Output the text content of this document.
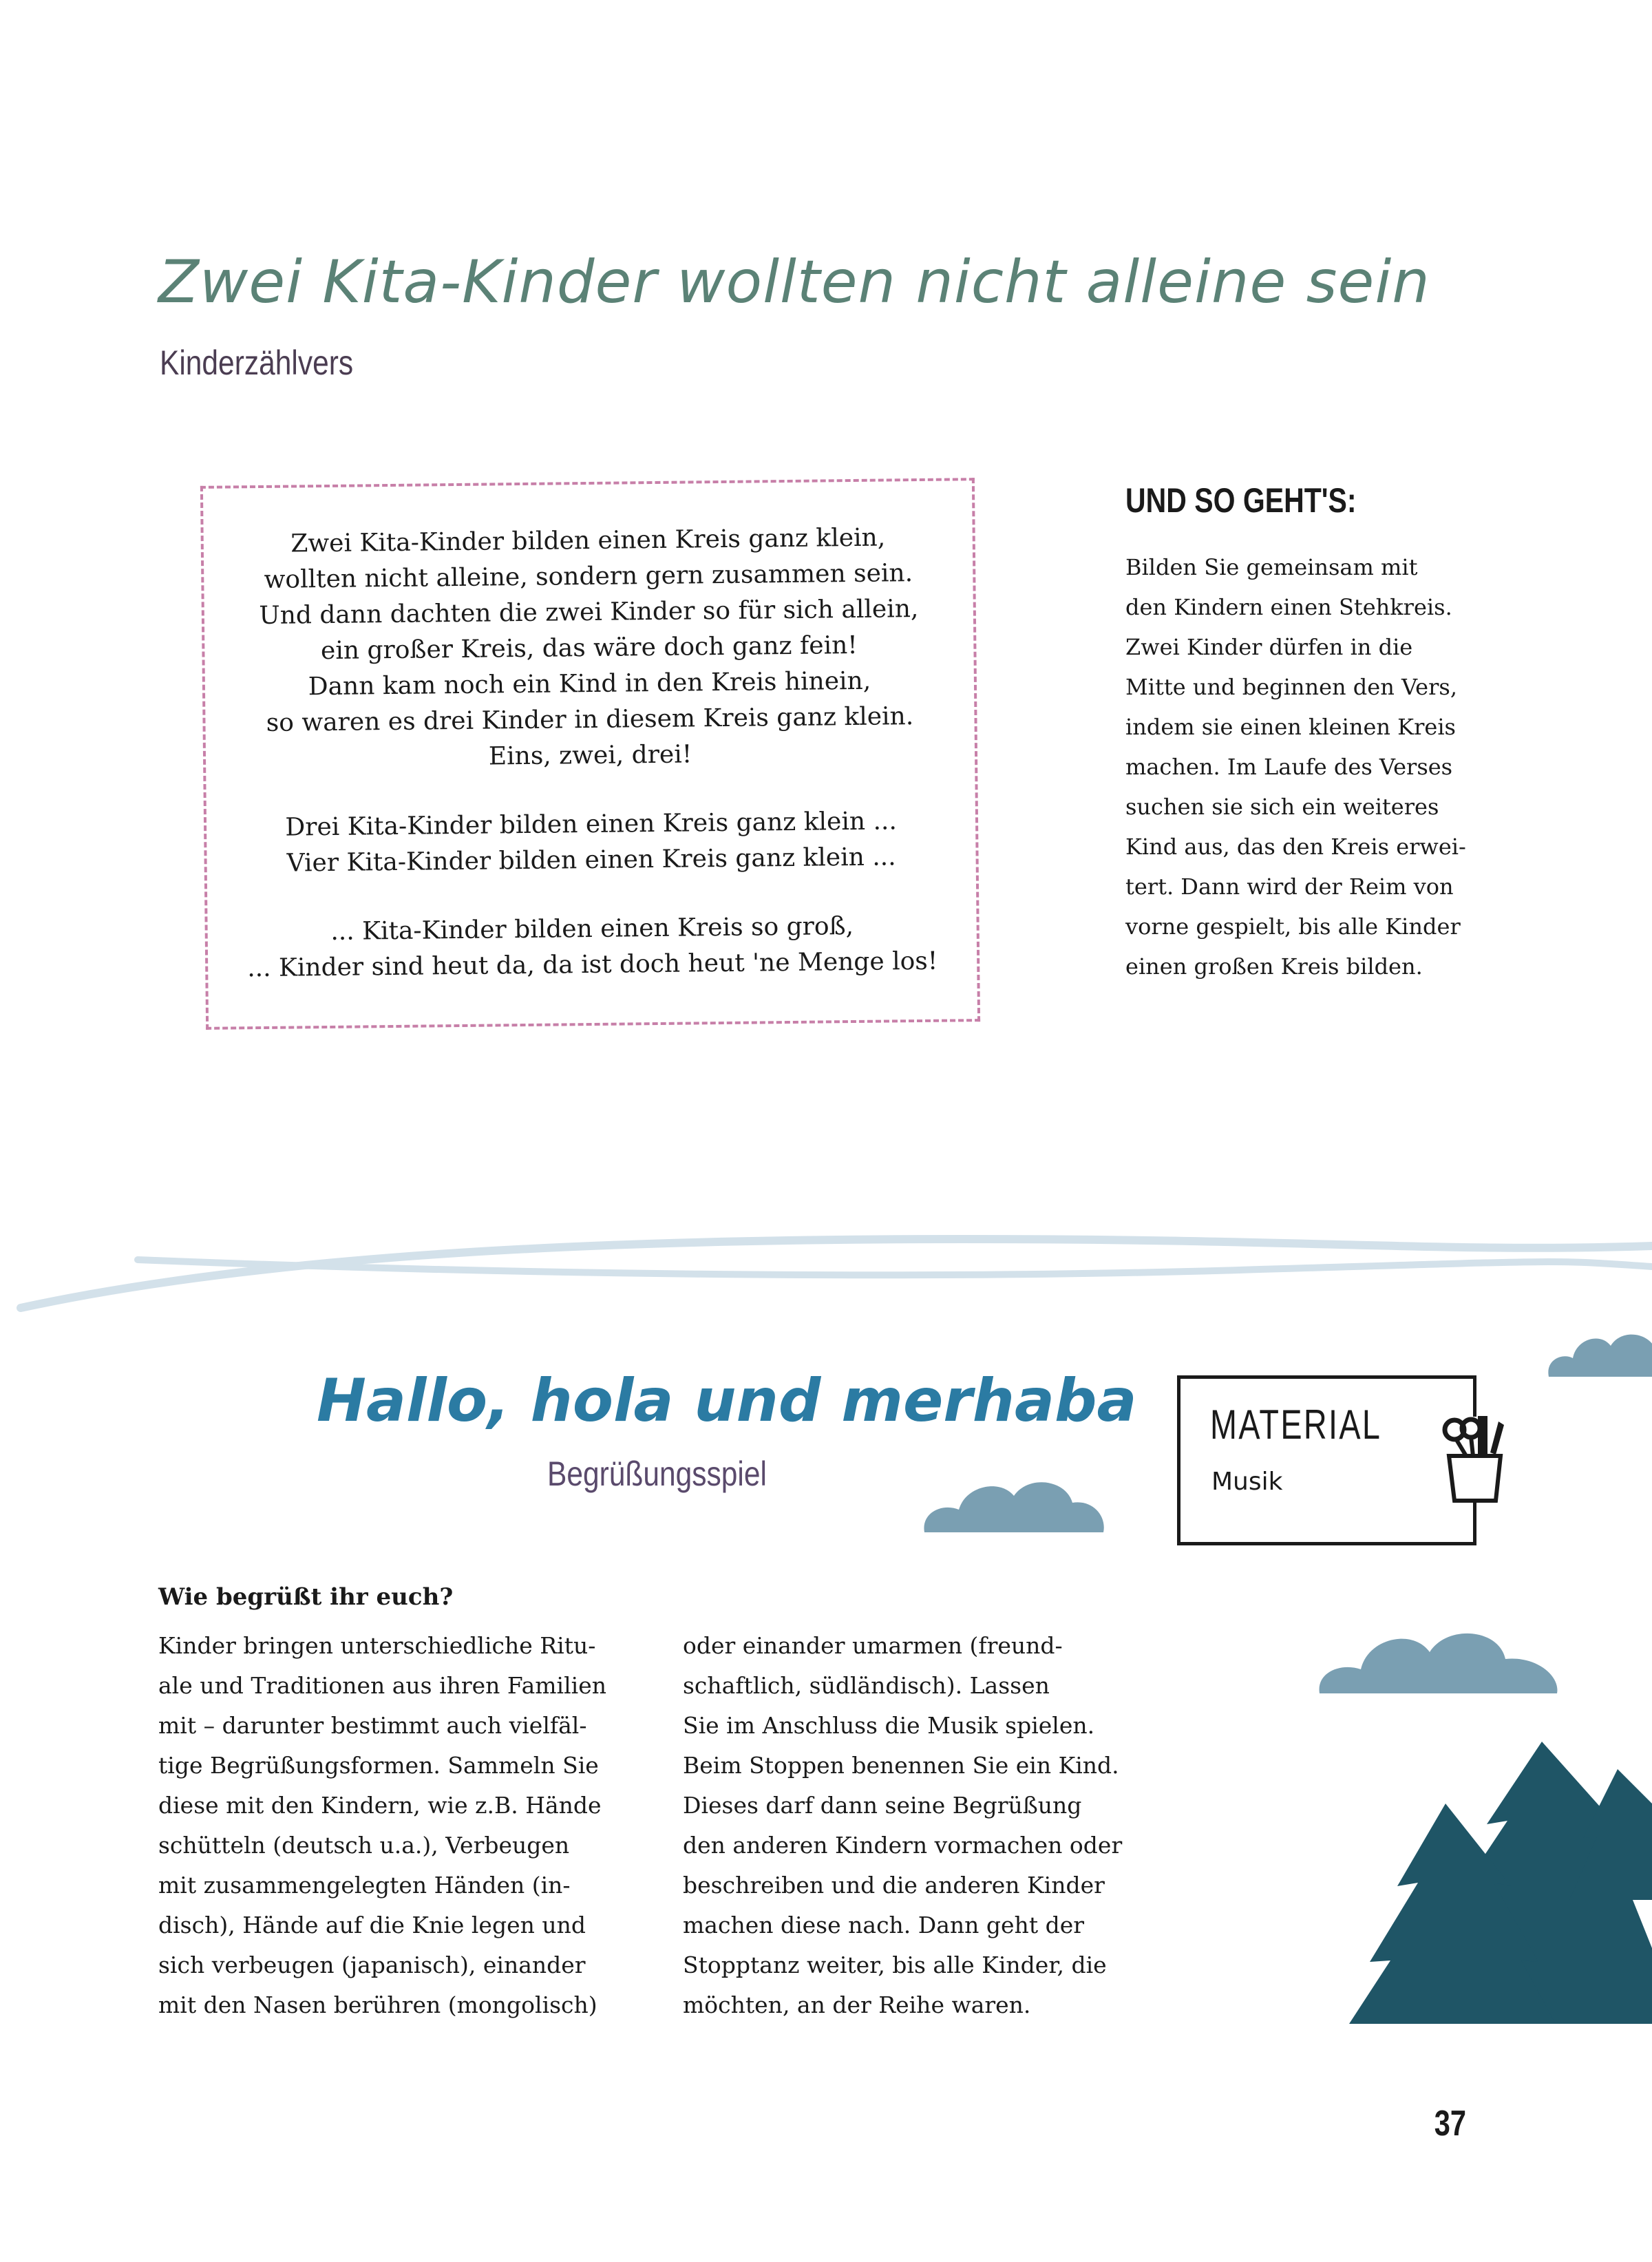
Zwei Kita-Kinder wollten nicht alleine sein
Kinderzählvers

Zwei Kita-Kinder bilden einen Kreis ganz klein,

wollten nicht alleine, sondern gern zusammen sein.

Und dann dachten die zwei Kinder so für sich allein,

ein großer Kreis, das wäre doch ganz fein!

Dann kam noch ein Kind in den Kreis hinein,

so waren es drei Kinder in diesem Kreis ganz klein.

Eins, zwei, drei!

Drei Kita-Kinder bilden einen Kreis ganz klein ...

Vier Kita-Kinder bilden einen Kreis ganz klein ...

... Kita-Kinder bilden einen Kreis so groß,

... Kinder sind heut da, da ist doch heut 'ne Menge los!

UND SO GEHT'S:

Bilden Sie gemeinsam mit

den Kindern einen Stehkreis.

Zwei Kinder dürfen in die

Mitte und beginnen den Vers,

indem sie einen kleinen Kreis

machen. Im Laufe des Verses

suchen sie sich ein weiteres

Kind aus, das den Kreis erwei-

tert. Dann wird der Reim von

vorne gespielt, bis alle Kinder

einen großen Kreis bilden.

Hallo, hola und merhaba
Begrüßungsspiel
MATERIAL
Musik
Wie begrüßt ihr euch?

Kinder bringen unterschiedliche Ritu-

ale und Traditionen aus ihren Familien

mit – darunter bestimmt auch vielfäl-

tige Begrüßungsformen. Sammeln Sie

diese mit den Kindern, wie z.B. Hände

schütteln (deutsch u.a.), Verbeugen

mit zusammengelegten Händen (in-

disch), Hände auf die Knie legen und

sich verbeugen (japanisch), einander

mit den Nasen berühren (mongolisch)

oder einander umarmen (freund-

schaftlich, südländisch). Lassen

Sie im Anschluss die Musik spielen.

Beim Stoppen benennen Sie ein Kind.

Dieses darf dann seine Begrüßung

den anderen Kindern vormachen oder

beschreiben und die anderen Kinder

machen diese nach. Dann geht der

Stopptanz weiter, bis alle Kinder, die

möchten, an der Reihe waren.

37
